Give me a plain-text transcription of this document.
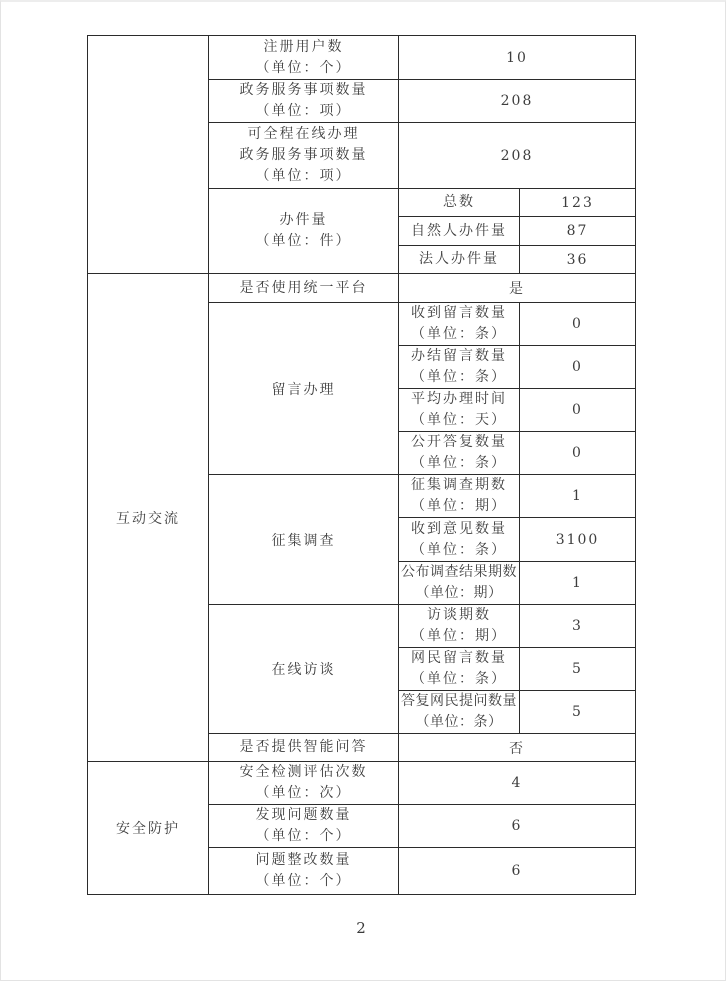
	注册用户数
（单位：个）	10	

	政务服务事项数量
（单位：项）	208	

	可全程在线办理
政务服务事项数量
（单位：项）	208	

	办件量
（单位：件）	总数	123

		自然人办件量	87

		法人办件量	36
互动交流	是否使用统一平台	是	
	留言办理	收到留言数量
（单位：条）	0

		办结留言数量
（单位：条）	0

		平均办理时间
（单位：天）	0

		公开答复数量
（单位：条）	0
	征集调查	征集调查期数
（单位：期）	1

		收到意见数量
（单位：条）	3100

		公布调查结果期数
（单位：期）	1
	在线访谈	访谈期数
（单位：期）	3

		网民留言数量
（单位：条）	5

		答复网民提问数量
（单位：条）	5

	是否提供智能问答	否	
安全防护	安全检测评估次数
（单位：次）	4	

	发现问题数量
（单位：个）	6	

	问题整改数量
（单位：个）	6	
2
